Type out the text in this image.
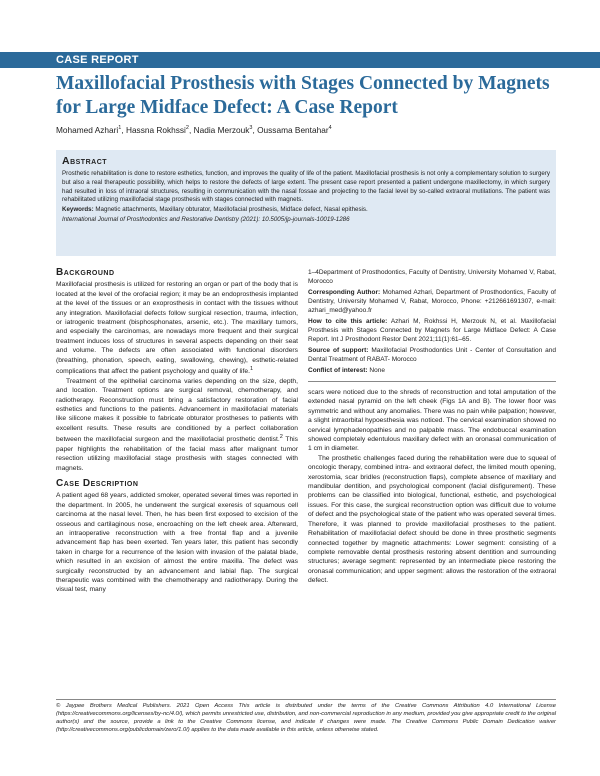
CASE REPORT
Maxillofacial Prosthesis with Stages Connected by Magnets for Large Midface Defect: A Case Report
Mohamed Azhari$^1$, Hassna Rokhssi$^2$, Nadia Merzouk$^3$, Oussama Bentahar$^4$
Abstract

Prosthetic rehabilitation is done to restore esthetics, function, and improves the quality of life of the patient. Maxillofacial prosthesis is not only a complementary solution to surgery but also a real therapeutic possibility, which helps to restore the defects of large extent. The present case report presented a patient undergone maxillectomy, in which surgery had resulted in loss of intraoral structures, resulting in communication with the nasal fossae and projecting to the facial level by so-called extraoral mutilations. The patient was rehabilitated utilizing maxillofacial stage prosthesis with stages connected with magnets.

Keywords: Magnetic attachments, Maxillary obturator, Maxillofacial prosthesis, Midface defect, Nasal epithesis.

International Journal of Prosthodontics and Restorative Dentistry (2021): 10.5005/jp-journals-10019-1286

Background

Maxillofacial prosthesis is utilized for restoring an organ or part of the body that is located at the level of the orofacial region; it may be an endoprosthesis implanted at the level of the tissues or an exoprosthesis in contact with the tissues without any integration. Maxillofacial defects follow surgical resection, trauma, infection, or iatrogenic treatment (bisphosphonates, arsenic, etc.). The maxillary tumors, and especially the carcinomas, are nowadays more frequent and their surgical treatment induces loss of structures in several aspects depending on their seat and volume. The defects are often associated with functional disorders (breathing, phonation, speech, eating, swallowing, chewing), esthetic-related complications that affect the patient psychology and quality of life.$^1$

Treatment of the epithelial carcinoma varies depending on the size, depth, and location. Treatment options are surgical removal, chemotherapy, and radiotherapy. Reconstruction must bring a satisfactory restoration of facial esthetics and functions to the patients. Advancement in maxillofacial materials like silicone makes it possible to fabricate obturator prostheses to patients with excellent results. These results are conditioned by a perfect collaboration between the maxillofacial surgeon and the maxillofacial prosthetic dentist.$^2$ This paper highlights the rehabilitation of the facial mass after malignant tumor resection utilizing maxillofacial stage prosthesis with stages connected with magnets.

Case Description

A patient aged 68 years, addicted smoker, operated several times was reported in the department. In 2005, he underwent the surgical exeresis of squamous cell carcinoma at the nasal level. Then, he has been first exposed to excision of the osseous and cartilaginous nose, encroaching on the left cheek area. Afterward, an intraoperative reconstruction with a free frontal flap and a juvenile advancement flap has been exerted. Ten years later, this patient has secondly taken in charge for a recurrence of the lesion with invasion of the palatal blade, which resulted in an excision of almost the entire maxilla. The defect was surgically reconstructed by an advancement and labial flap. The surgical therapeutic was combined with the chemotherapy and radiotherapy. During the visual test, many

1–4Department of Prosthodontics, Faculty of Dentistry, University Mohamed V, Rabat, Morocco

Corresponding Author: Mohamed Azhari, Department of Prosthodontics, Faculty of Dentistry, University Mohamed V, Rabat, Morocco, Phone: +212661691307, e-mail: azhari_med@yahoo.fr

How to cite this article: Azhari M, Rokhssi H, Merzouk N, et al. Maxillofacial Prosthesis with Stages Connected by Magnets for Large Midface Defect: A Case Report. Int J Prosthodont Restor Dent 2021;11(1):61–65.

Source of support: Maxillofacial Prosthodontics Unit - Center of Consultation and Dental Treatment of RABAT- Morocco

Conflict of interest: None

scars were noticed due to the shreds of reconstruction and total amputation of the extended nasal pyramid on the left cheek (Figs 1A and B). The lower floor was symmetric and without any anomalies. There was no pain while palpation; however, a slight intraorbital hypoesthesia was noticed. The cervical examination showed no cervical lymphadenopathies and no palpable mass. The endobuccal examination showed completely edentulous maxillary defect with an oronasal communication of 1 cm in diameter.

The prosthetic challenges faced during the rehabilitation were due to squeal of oncologic therapy, combined intra- and extraoral defect, the limited mouth opening, xerostomia, scar bridles (reconstruction flaps), complete absence of maxillary and mandibular dentition, and psychological component (facial disfigurement). These problems can be classified into biological, functional, esthetic, and psychological issues. For this case, the surgical reconstruction option was difficult due to volume of defect and the psychological state of the patient who was operated several times. Therefore, it was planned to provide maxillofacial prostheses to the patient. Rehabilitation of maxillofacial defect should be done in three prosthetic segments connected together by magnetic attachments: Lower segment: consisting of a complete removable dental prosthesis restoring absent dentition and surrounding structures; average segment: represented by an intermediate piece restoring the oronasal communication; and upper segment: allows the restoration of the extraoral defect.

© Jaypee Brothers Medical Publishers. 2021 Open Access This article is distributed under the terms of the Creative Commons Attribution 4.0 International License (https://creativecommons.org/licenses/by-nc/4.0/), which permits unrestricted use, distribution, and non-commercial reproduction in any medium, provided you give appropriate credit to the original author(s) and the source, provide a link to the Creative Commons license, and indicate if changes were made. The Creative Commons Public Domain Dedication waiver (http://creativecommons.org/publicdomain/zero/1.0/) applies to the data made available in this article, unless otherwise stated.
